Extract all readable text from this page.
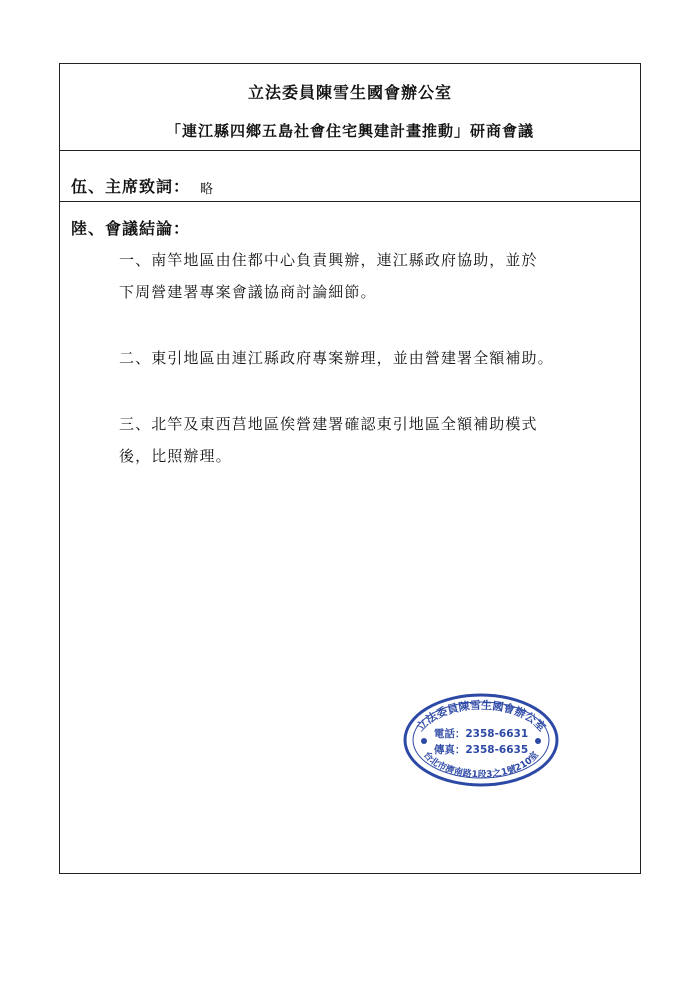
立法委員陳雪生國會辦公室
「連江縣四鄉五島社會住宅興建計畫推動」研商會議
伍、主席致詞： 略
陸、會議結論：
一、南竿地區由住都中心負責興辦，連江縣政府協助，並於
下周營建署專案會議協商討論細節。
二、東引地區由連江縣政府專案辦理，並由營建署全額補助。
三、北竿及東西莒地區俟營建署確認東引地區全額補助模式
後，比照辦理。
立法委員陳雪生國會辦公室
電話：2358-6631
傳真：2358-6635
台北市濟南路1段3之1號210室
